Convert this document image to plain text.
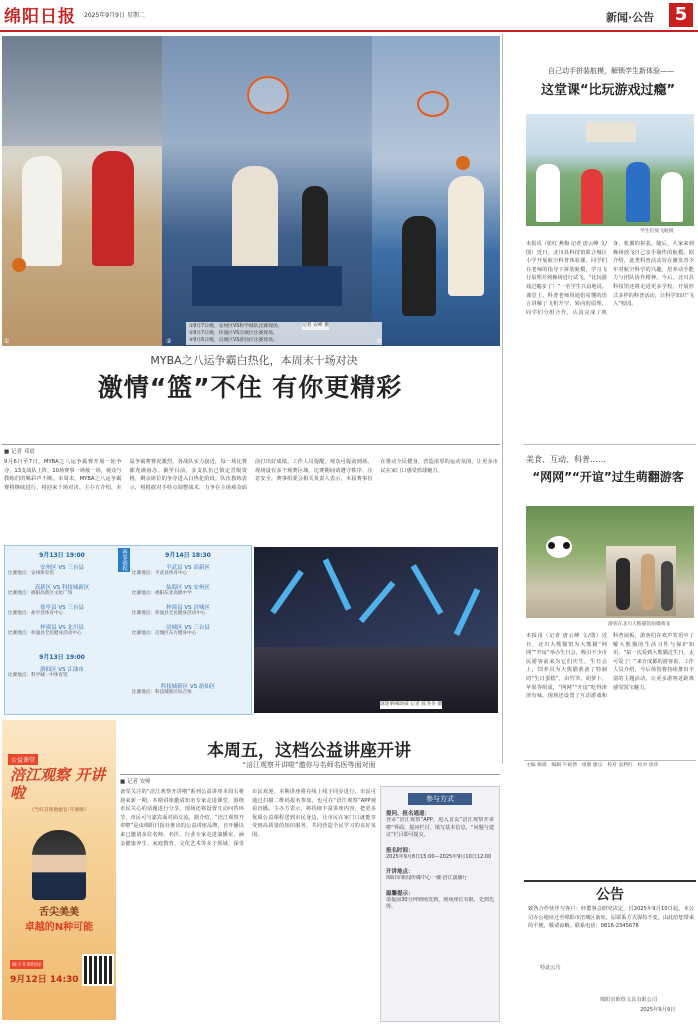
绵阳日报 2025年9月9日 星期二	新闻·公告	5
①	②
①9月7日晚，安州区VS科学城队比赛现场。
②9月7日晚，梓潼区VS涪城区比赛现场。
③9月6日晚，涪城区VS游仙区比赛现场。
记者 安峥 摄
MYBA之八运争霸白热化，本周末十场对决
激情“篮”不住 有你更精彩
■ 记者 邓晨
9月6日至7日，MYBA之八运争霸赛开展一轮争夺，13支战队上阵，10场赛事一场接一场，观众与教练们的喝彩声不断。本周末，MYBA之八运争霸赛将继续进行，将迎来十场对决。主办方介绍，本届争霸赛赛况激烈，各战队实力接近，每一场比赛都充满悬念。截至目前，多支队伍已锁定晋级资格，剩余席位的争夺进入白热化阶段。队伍教练表示，将根据对手特点调整战术，力争在主场观众面前打出好成绩。工作人员提醒，观众可提前到场，现场设有多个观赛区域，比赛期间请遵守秩序、注意安全。赛事组委会相关负责人表示，本届赛事旨在推动全民健身，营造浓厚的运动氛围，让更多市民在家门口感受篮球魅力。
赛事赛程
9月13日 19:00
安州区 VS 三台县
比赛地点：安州体育馆
高新区 VS 科技城新区
比赛地点：绵阳高新区文化广场
盐亭县 VS 三台县
比赛地点：盐亭县体育中心
梓潼县 VS 北川县
比赛地点：梓潼县全民健身活动中心
9月14日 18:30
平武县 VS 高新区
比赛地点：平武县体育中心
仙海区 VS 安州区
比赛地点：绵阳东北高级中学
梓潼县 VS 涪城区
比赛地点：梓潼县全民健身活动中心
涪城区 VS 三台县
比赛地点：涪城区东方健身中心
9月13日 19:00
游仙区 VS 江油市
比赛地点：科学城一中体育馆
科技城新区 VS 游仙区
比赛地点：科技城新区综合体
球迷呐喊助威 记者 陈冬冬 摄
自己动手拼装航模，解锁学生新体验——
这堂课“比玩游戏过瘾”
学生们放飞航模
本报讯（张红 燕梅 记者 唐云峰 文/图）近日，北川县科技馆联合城区小学开展航空科普体验课，同学们在老师的指导下拼装航模、学习飞行原理并到操场进行试飞。“比玩游戏过瘾多了！”一名学生兴奋地说。课堂上，科普老师用通俗易懂的语言讲解了飞机升空、转向的原理，同学们分组合作，认真完成了机身、机翼的拼装。随后，大家来到操场放飞自己亲手制作的航模。据介绍，此类科普活动旨在激发青少年对航空科学的兴趣，培养动手能力与团队协作精神。今后，北川县科技馆还将走进更多学校，开展形式多样的科普活动，让科学知识“飞入”校园。
美食、互动、科普……
“网网”“开谊”过生萌翻游客
游客在北川大熊猫馆拍摄萌宠
本报讯（记者 唐云峰 文/图）近日，北川大熊猫馆为大熊猫“网网”“开谊”举办生日会，吸引不少市民游客前来为它们庆生。生日会上，饲养员为大熊猫准备了特制的“生日蛋糕”，由竹笋、胡萝卜、苹果等组成，“网网”“开谊”吃得津津有味。现场还设置了互动游戏和科普展板，游客们在欢声笑语中了解大熊猫的生活习性与保护知识。“第一次看到大熊猫过生日，太可爱了！”来自成都的游客说。工作人员介绍，今后场馆将持续推出丰富的主题活动，让更多游客近距离感受国宝魅力。
主编 梅嵩　编辑 牛硕倩　组版 廖宗　校对 袁利红　检对 徐萍
公告
致各合作伙伴与客户：经董事会研究决定，自2025年9月10日起，本公司办公地址迁至绵阳市涪城区新址，原联系方式保持不变。由此给您带来的不便，敬请谅解。联系电话：0816-2345678
特此公告
绵阳市欧欣文具有限公司
2025年9月9日
公益课堂
涪江观察 开讲啦
《当好首席数据官·开课啦》
舌尖美美
卓越的N种可能
线下开讲时间
9月12日 14:30
本周五，这档公益讲座开讲
“涪江观察开讲啦”邀你与名师名医等面对面
■ 记者 安峥
备受关注的“涪江观察开讲啦”系列公益讲座本周五将迎来新一期。本期讲座邀请知名专家走进课堂，围绕市民关心的话题进行分享，现场还将设置互动问答环节，市民可与嘉宾面对面交流。据介绍，“涪江观察开讲啦”是由绵阳日报社推出的公益讲座品牌，自开播以来已邀请多位名师、名医、行业专家走进演播室，涵盖健康养生、家庭教育、文化艺术等多个领域，深受市民欢迎。本期讲座将在线上线下同步进行，市民可通过扫描二维码报名参加，也可在“涪江观察”APP观看直播。主办方表示，将持续丰富讲座内容，把更多优质公益课程送到市民身边，让市民在家门口就能享受到高质量的知识服务，共同营造全民学习的良好氛围。
参与方式
提问、报名通道：
登录“涪江观察”APP，进入首页“涪江观察开讲啦”界面，提问栏目，填写基本信息，“问题与建议”栏目即可提交。
报名时间：
2025年9月8日15:00—2025年9月10日12:00
开讲地点：
绵阳市新闻传媒中心一楼·涪江演播厅
温馨提示：
请提前30分钟到场签到，现场座位有限，先到先得。
